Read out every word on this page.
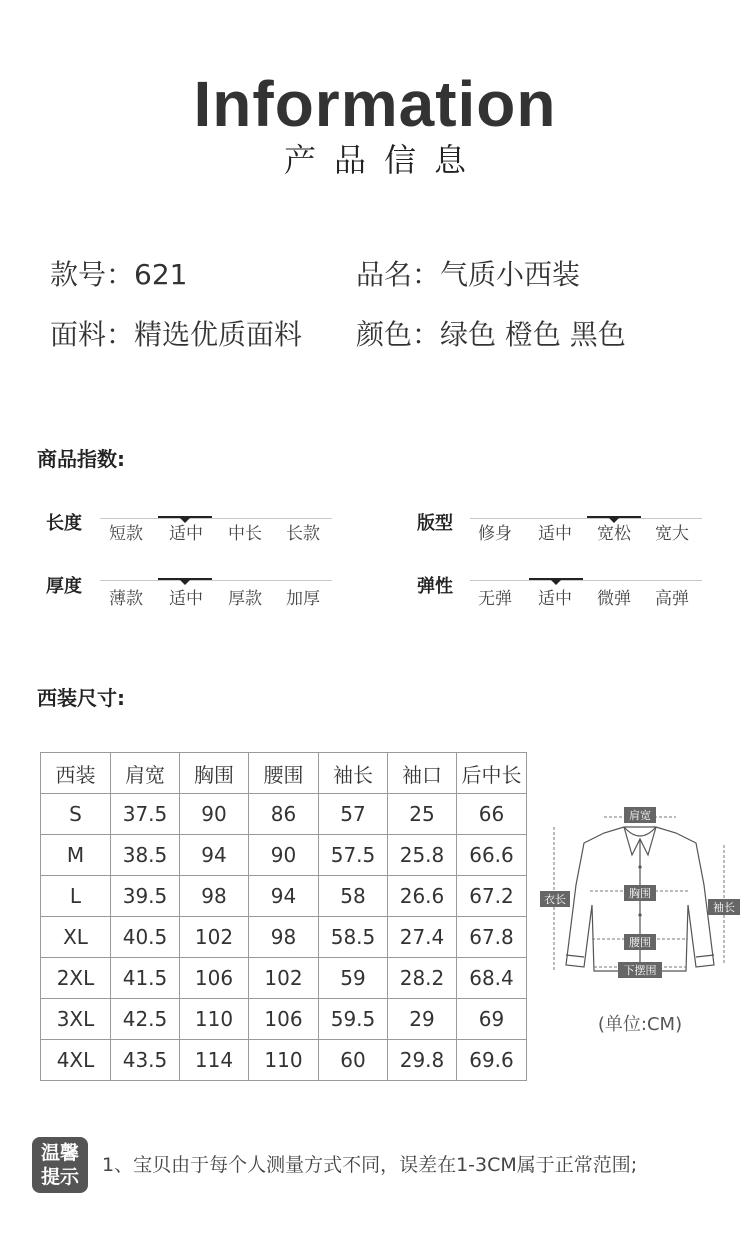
Information
产品信息
款号：621	品名：气质小西装
面料：精选优质面料 颜色：绿色 橙色 黑色
商品指数:
长度	短款	适中	中长	长款	版型	修身	适中	宽松	宽大
厚度
薄款	适中	厚款	加厚
弹性
无弹	适中	微弹	高弹
西装尺寸:
西装	肩宽	胸围	腰围	袖长	袖口	后中长
S	37.5	90	86	57	25	66
M	38.5	94	90	57.5	25.8	66.6
L	39.5	98	94	58	26.6	67.2
XL	40.5	102	98	58.5	27.4	67.8
2XL	41.5	106	102	59	28.2	68.4
3XL	42.5	110	106	59.5	29	69
4XL	43.5	114	110	60	29.8	69.6
肩宽
衣长	胸围
腰围
下摆围
袖长
(单位:CM)
温馨
提示
1、宝贝由于每个人测量方式不同，误差在1-3CM属于正常范围;
